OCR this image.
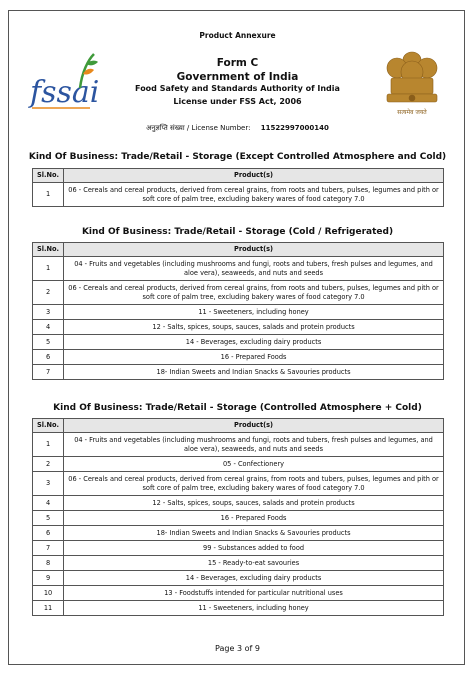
Product Annexure
fssai
सत्यमेव जयते
Form C
Government of India
Food Safety and Standards Authority of India
License under FSS Act, 2006
अनुज्ञप्ति संख्या / License Number: 11522997000140
Kind Of Business: Trade/Retail - Storage (Except Controlled Atmosphere and Cold)
Sl.No.	Product(s)
1	06 - Cereals and cereal products, derived from cereal grains, from roots and tubers, pulses, legumes and pith or soft core of palm tree, excluding bakery wares of food category 7.0
Kind Of Business: Trade/Retail - Storage (Cold / Refrigerated)
Sl.No.	Product(s)
1	04 - Fruits and vegetables (including mushrooms and fungi, roots and tubers, fresh pulses and legumes, and aloe vera), seaweeds, and nuts and seeds
2	06 - Cereals and cereal products, derived from cereal grains, from roots and tubers, pulses, legumes and pith or soft core of palm tree, excluding bakery wares of food category 7.0
3	11 - Sweeteners, including honey
4	12 - Salts, spices, soups, sauces, salads and protein products
5	14 - Beverages, excluding dairy products
6	16 - Prepared Foods
7	18- Indian Sweets and Indian Snacks & Savouries products
Kind Of Business: Trade/Retail - Storage (Controlled Atmosphere + Cold)
Sl.No.	Product(s)
1	04 - Fruits and vegetables (including mushrooms and fungi, roots and tubers, fresh pulses and legumes, and aloe vera), seaweeds, and nuts and seeds
2	05 - Confectionery
3	06 - Cereals and cereal products, derived from cereal grains, from roots and tubers, pulses, legumes and pith or soft core of palm tree, excluding bakery wares of food category 7.0
4	12 - Salts, spices, soups, sauces, salads and protein products
5	16 - Prepared Foods
6	18- Indian Sweets and Indian Snacks & Savouries products
7	99 - Substances added to food
8	15 - Ready-to-eat savouries
9	14 - Beverages, excluding dairy products
10	13 - Foodstuffs intended for particular nutritional uses
11	11 - Sweeteners, including honey
Page 3 of 9
